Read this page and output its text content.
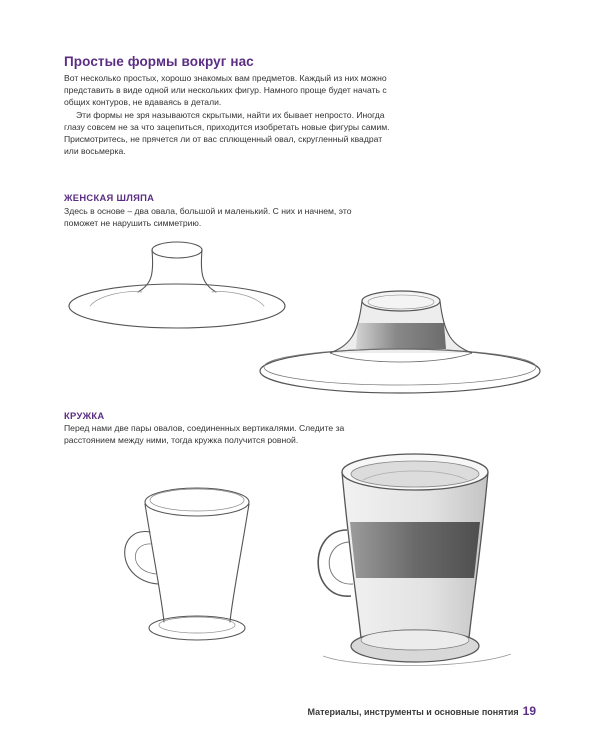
Простые формы вокруг нас

Вот несколько простых, хорошо знакомых вам предметов. Каждый из них можно представить в виде одной или нескольких фигур. Намного проще будет начать с общих контуров, не вдаваясь в детали.

Эти формы не зря называются скрытыми, найти их бывает непросто. Иногда глазу совсем не за что зацепиться, приходится изобретать новые фигуры самим. Присмотритесь, не прячется ли от вас сплющенный овал, скругленный квадрат или восьмерка.

ЖЕНСКАЯ ШЛЯПА

Здесь в основе – два овала, большой и маленький. С них и начнем, это поможет не нарушить симметрию.

КРУЖКА

Перед нами две пары овалов, соединенных вертикалями. Следите за расстоянием между ними, тогда кружка получится ровной.

Материалы, инструменты и основные понятия 19
